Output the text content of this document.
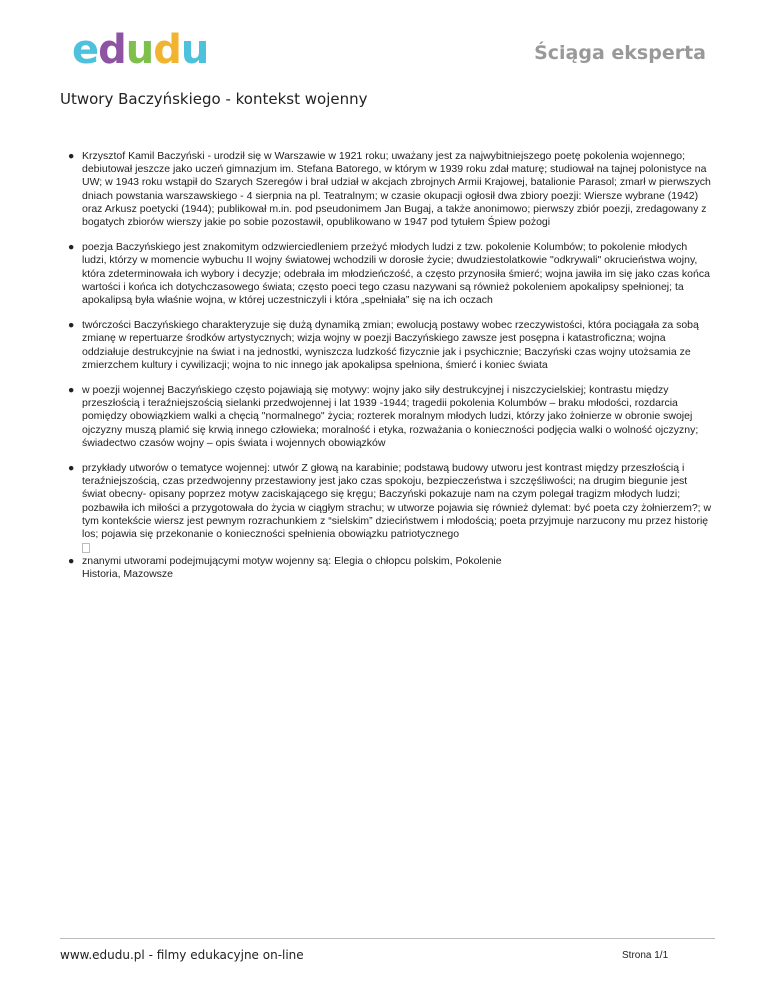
e d u d u	Ściąga eksperta
Utwory Baczyńskiego - kontekst wojenny
● Krzysztof Kamil Baczyński - urodził się w Warszawie w 1921 roku; uważany jest za najwybitniejszego poetę pokolenia wojennego; debiutował jeszcze jako uczeń gimnazjum im. Stefana Batorego, w którym w 1939 roku zdał maturę; studiował na tajnej polonistyce na UW; w 1943 roku wstąpił do Szarych Szeregów i brał udział w akcjach zbrojnych Armii Krajowej, batalionie Parasol; zmarł w pierwszych dniach powstania warszawskiego - 4 sierpnia na pl. Teatralnym; w czasie okupacji ogłosił dwa zbiory poezji: Wiersze wybrane (1942) oraz Arkusz poetycki (1944); publikował m.in. pod pseudonimem Jan Bugaj, a także anonimowo; pierwszy zbiór poezji, zredagowany z bogatych zbiorów wierszy jakie po sobie pozostawił, opublikowano w 1947 pod tytułem Śpiew pożogi
● poezja Baczyńskiego jest znakomitym odzwierciedleniem przeżyć młodych ludzi z tzw. pokolenie Kolumbów; to pokolenie młodych ludzi, którzy w momencie wybuchu II wojny światowej wchodzili w dorosłe życie; dwudziestolatkowie "odkrywali" okrucieństwa wojny, która zdeterminowała ich wybory i decyzje; odebrała im młodzieńczość, a często przynosiła śmierć; wojna jawiła im się jako czas końca wartości i końca ich dotychczasowego świata; często poeci tego czasu nazywani są również pokoleniem apokalipsy spełnionej; ta apokalipsą była właśnie wojna, w której uczestniczyli i która „spełniała” się na ich oczach
● twórczości Baczyńskiego charakteryzuje się dużą dynamiką zmian; ewolucją postawy wobec rzeczywistości, która pociągała za sobą zmianę w repertuarze środków artystycznych; wizja wojny w poezji Baczyńskiego zawsze jest posępna i katastroficzna; wojna oddziałuje destrukcyjnie na świat i na jednostki, wyniszcza ludzkość fizycznie jak i psychicznie; Baczyński czas wojny utożsamia ze zmierzchem kultury i cywilizacji; wojna to nic innego jak apokalipsa spełniona, śmierć i koniec świata
● w poezji wojennej Baczyńskiego często pojawiają się motywy: wojny jako siły destrukcyjnej i niszczycielskiej; kontrastu między przeszłością i teraźniejszością sielanki przedwojennej i lat 1939 -1944; tragedii pokolenia Kolumbów – braku młodości, rozdarcia pomiędzy obowiązkiem walki a chęcią "normalnego" życia; rozterek moralnym młodych ludzi, którzy jako żołnierze w obronie swojej ojczyzny muszą plamić się krwią innego człowieka; moralność i etyka, rozważania o konieczności podjęcia walki o wolność ojczyzny; świadectwo czasów wojny – opis świata i wojennych obowiązków
● przykłady utworów o tematyce wojennej: utwór Z głową na karabinie; podstawą budowy utworu jest kontrast między przeszłością i teraźniejszością, czas przedwojenny przestawiony jest jako czas spokoju, bezpieczeństwa i szczęśliwości; na drugim biegunie jest świat obecny- opisany poprzez motyw zaciskającego się kręgu; Baczyński pokazuje nam na czym polegał tragizm młodych ludzi; pozbawiła ich miłości a przygotowała do życia w ciągłym strachu; w utworze pojawia się również dylemat: być poeta czy żołnierzem?; w tym kontekście wiersz jest pewnym rozrachunkiem z “sielskim” dzieciństwem i młodością; poeta przyjmuje narzucony mu przez historię los; pojawia się przekonanie o konieczności spełnienia obowiązku patriotycznego
● znanymi utworami podejmującymi motyw wojenny są: Elegia o chłopcu polskim, Pokolenie Historia, Mazowsze
www.edudu.pl - filmy edukacyjne on-line	Strona 1/1
